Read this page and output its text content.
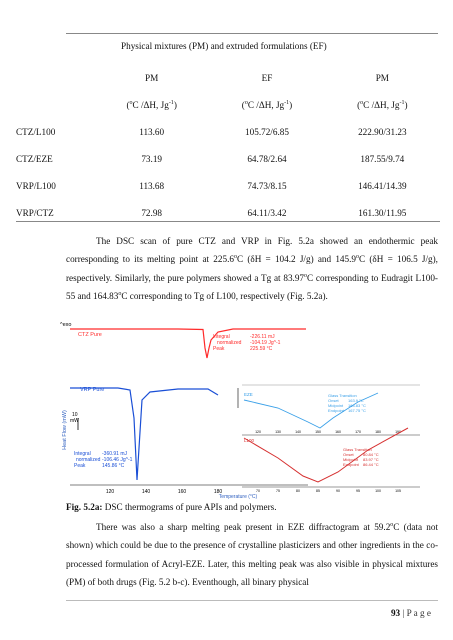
Physical mixtures (PM) and extruded formulations (EF)
	PM	EF	PM
	($^o$C /ΔH, $Jg^{-1}$)	($^o$C /ΔH, $Jg^{-1}$)	($^o$C /ΔH, $Jg^{-1}$)
CTZ/L100	113.60	105.72/6.85	222.90/31.23
CTZ/EZE	73.19	64.78/2.64	187.55/9.74
VRP/L100	113.68	74.73/8.15	146.41/14.39
VRP/CTZ	72.98	64.11/3.42	161.30/11.95
The DSC scan of pure CTZ and VRP in Fig. 5.2a showed an endothermic peak corresponding to its melting point at 225.6$^o$C (δH = 104.2 J/g) and 145.9$^o$C (δH = 106.5 J/g), respectively. Similarly, the pure polymers showed a Tg at 83.97$^o$C corresponding to Eudragit L100-55 and 164.83$^o$C corresponding to Tg of L100, respectively (Fig. 5.2a).
^exo
Heat Flow (mW) 10
mW
CTZ Pure	Integral	-226.11 mJ
normalized -104.19 Jg^-1
Peak	225.59 °C
VRP Pure
Integral -360.91 mJ
normalized -106.46 Jg^-1
Peak	145.86 °C
120	140	160	180
Temperature (°C)
EZE	Glass Transition
Onset 163.9 °C
Midpoint 164.83 °C
Endpoint 167.75 °C
120	130	140	150	160	170	180	190
L100
Glass Transition
Onset 80.84 °C
Midpoint 83.97 °C
Endpoint 86.44 °C
70	75	80	85	90	95	100	105
Fig. 5.2a: DSC thermograms of pure APIs and polymers.
There was also a sharp melting peak present in EZE diffractogram at 59.2$^o$C (data not shown) which could be due to the presence of crystalline plasticizers and other ingredients in the co-processed formulation of Acryl-EZE. Later, this melting peak was also visible in physical mixtures (PM) of both drugs (Fig. 5.2 b-c). Eventhough, all binary physical
93 | P a g e
